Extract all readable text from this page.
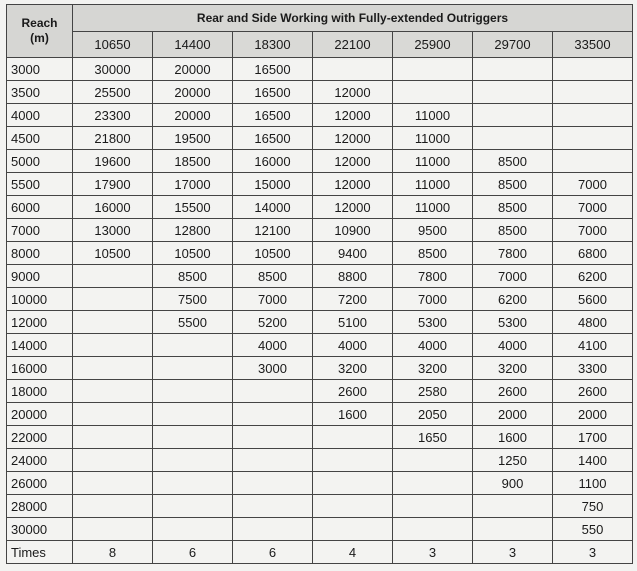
Reach
(m)	Rear and Side Working with Fully-extended Outriggers						
	10650	14400	18300	22100	25900	29700	33500
3000	30000	20000	16500				
3500	25500	20000	16500	12000			
4000	23300	20000	16500	12000	11000		
4500	21800	19500	16500	12000	11000		
5000	19600	18500	16000	12000	11000	8500	
5500	17900	17000	15000	12000	11000	8500	7000
6000	16000	15500	14000	12000	11000	8500	7000
7000	13000	12800	12100	10900	9500	8500	7000
8000	10500	10500	10500	9400	8500	7800	6800
9000		8500	8500	8800	7800	7000	6200
10000		7500	7000	7200	7000	6200	5600
12000		5500	5200	5100	5300	5300	4800
14000			4000	4000	4000	4000	4100
16000			3000	3200	3200	3200	3300
18000				2600	2580	2600	2600
20000				1600	2050	2000	2000
22000					1650	1600	1700
24000						1250	1400
26000						900	1100
28000							750
30000							550
Times	8	6	6	4	3	3	3
